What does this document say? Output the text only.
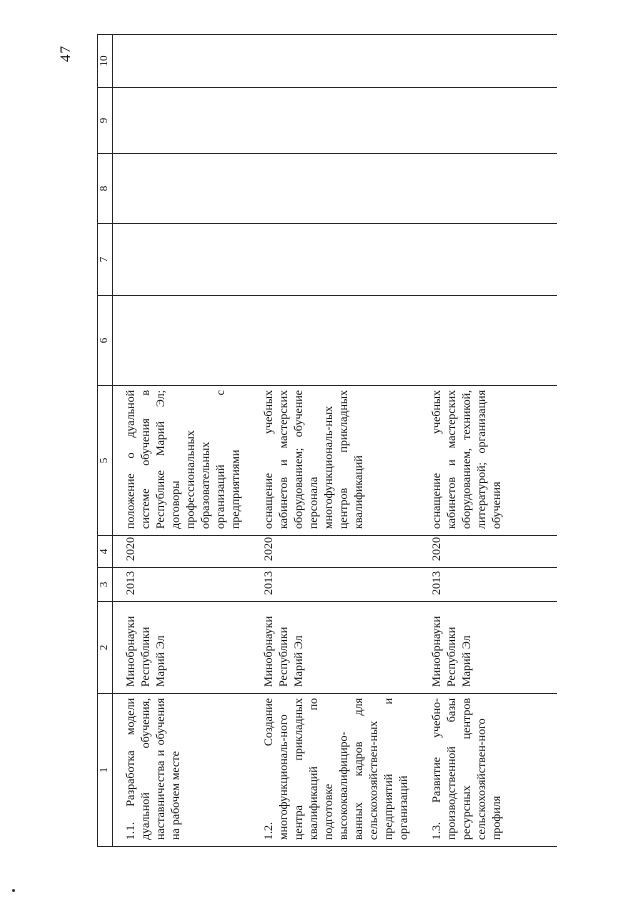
47
1	2	3	4	5	6	7	8	9	10
1.1. Разработка модели дуальной обучения, наставничества и обучения на рабочем месте	Минобрнауки Республики Марий Эл	2013	2020	положение о дуальной системе обучения в Республике Марий Эл; договоры профессиональных образовательных организаций с предприятиями					
1.2. Создание многофункциональ-ного центра прикладных квалификаций по подготовке высококвалифициро-ванных кадров для сельскохозяйствен-ных предприятий и организаций	Минобрнауки Республики Марий Эл	2013	2020	оснащение учебных кабинетов и мастерских оборудованием; обучение персонала многофункциональ-ных центров прикладных квалификаций					
1.3. Развитие учебно-производственной базы ресурсных центров сельскохозяйствен-ного профиля	Минобрнауки Республики Марий Эл	2013	2020	оснащение учебных кабинетов и мастерских оборудованием, техникой, литературой; организация обучения					
